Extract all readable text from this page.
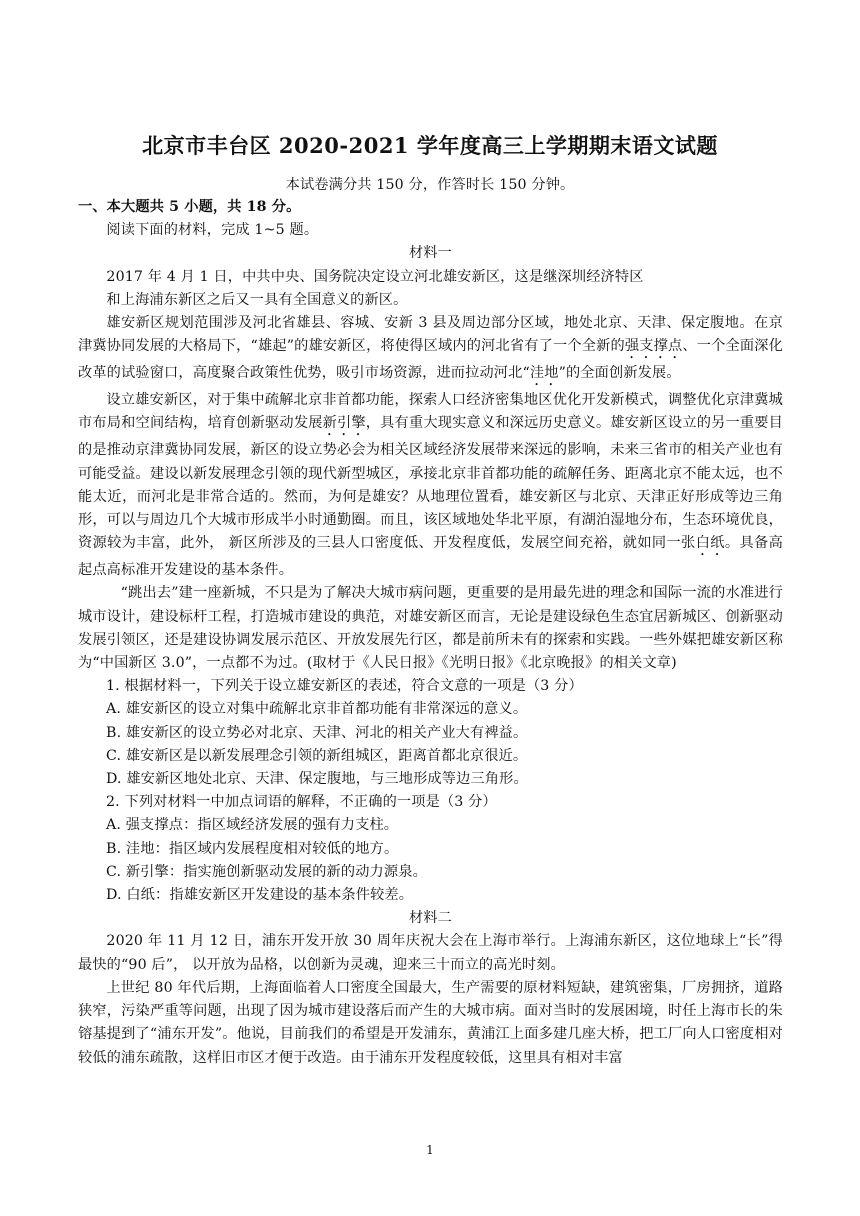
北京市丰台区 2020-2021 学年度高三上学期期末语文试题
本试卷满分共 150 分，作答时长 150 分钟。

一、本大题共 5 小题，共 18 分。

阅读下面的材料，完成 1~5 题。

材料一

2017 年 4 月 1 日，中共中央、国务院决定设立河北雄安新区，这是继深圳经济特区

和上海浦东新区之后又一具有全国意义的新区。

雄安新区规划范围涉及河北省雄县、容城、安新 3 县及周边部分区域，地处北京、天津、保定腹地。在京津冀协同发展的大格局下，“雄起”的雄安新区，将使得区域内的河北省有了一个全新的强支撑点、一个全面深化改革的试验窗口，高度聚合政策性优势，吸引市场资源，进而拉动河北“洼地”的全面创新发展。

设立雄安新区，对于集中疏解北京非首都功能，探索人口经济密集地区优化开发新模式，调整优化京津冀城市布局和空间结构，培育创新驱动发展新引擎，具有重大现实意义和深远历史意义。雄安新区设立的另一重要目的是推动京津冀协同发展，新区的设立势必会为相关区域经济发展带来深远的影响，未来三省市的相关产业也有可能受益。建设以新发展理念引领的现代新型城区，承接北京非首都功能的疏解任务、距离北京不能太远，也不能太近，而河北是非常合适的。然而，为何是雄安？从地理位置看，雄安新区与北京、天津正好形成等边三角形，可以与周边几个大城市形成半小时通勤圈。而且，该区域地处华北平原，有湖泊湿地分布，生态环境优良，资源较为丰富，此外， 新区所涉及的三县人口密度低、开发程度低，发展空间充裕，就如同一张白纸。具备高起点高标准开发建设的基本条件。

“跳出去”建一座新城，不只是为了解决大城市病问题，更重要的是用最先进的理念和国际一流的水准进行城市设计，建设标杆工程，打造城市建设的典范，对雄安新区而言，无论是建设绿色生态宜居新城区、创新驱动发展引领区，还是建设协调发展示范区、开放发展先行区，都是前所未有的探索和实践。一些外媒把雄安新区称为“中国新区 3.0”，一点都不为过。(取材于《人民日报》《光明日报》《北京晚报》的相关文章)

1. 根据材料一，下列关于设立雄安新区的表述，符合文意的一项是（3 分）

A. 雄安新区的设立对集中疏解北京非首都功能有非常深远的意义。

B. 雄安新区的设立势必对北京、天津、河北的相关产业大有裨益。

C. 雄安新区是以新发展理念引领的新组城区，距离首都北京很近。

D. 雄安新区地处北京、天津、保定腹地，与三地形成等边三角形。

2. 下列对材料一中加点词语的解释，不正确的一项是（3 分）

A. 强支撑点：指区域经济发展的强有力支柱。

B. 洼地：指区域内发展程度相对较低的地方。

C. 新引擎：指实施创新驱动发展的新的动力源泉。

D. 白纸：指雄安新区开发建设的基本条件较差。

材料二

2020 年 11 月 12 日，浦东开发开放 30 周年庆祝大会在上海市举行。上海浦东新区，这位地球上“长”得最快的“90 后”， 以开放为品格，以创新为灵魂，迎来三十而立的高光时刻。

上世纪 80 年代后期，上海面临着人口密度全国最大，生产需要的原材料短缺，建筑密集，厂房拥挤，道路狭窄，污染严重等问题，出现了因为城市建设落后而产生的大城市病。面对当时的发展困境，时任上海市长的朱镕基提到了“浦东开发”。他说，目前我们的希望是开发浦东，黄浦江上面多建几座大桥，把工厂向人口密度相对较低的浦东疏散，这样旧市区才便于改造。由于浦东开发程度较低，这里具有相对丰富

1
